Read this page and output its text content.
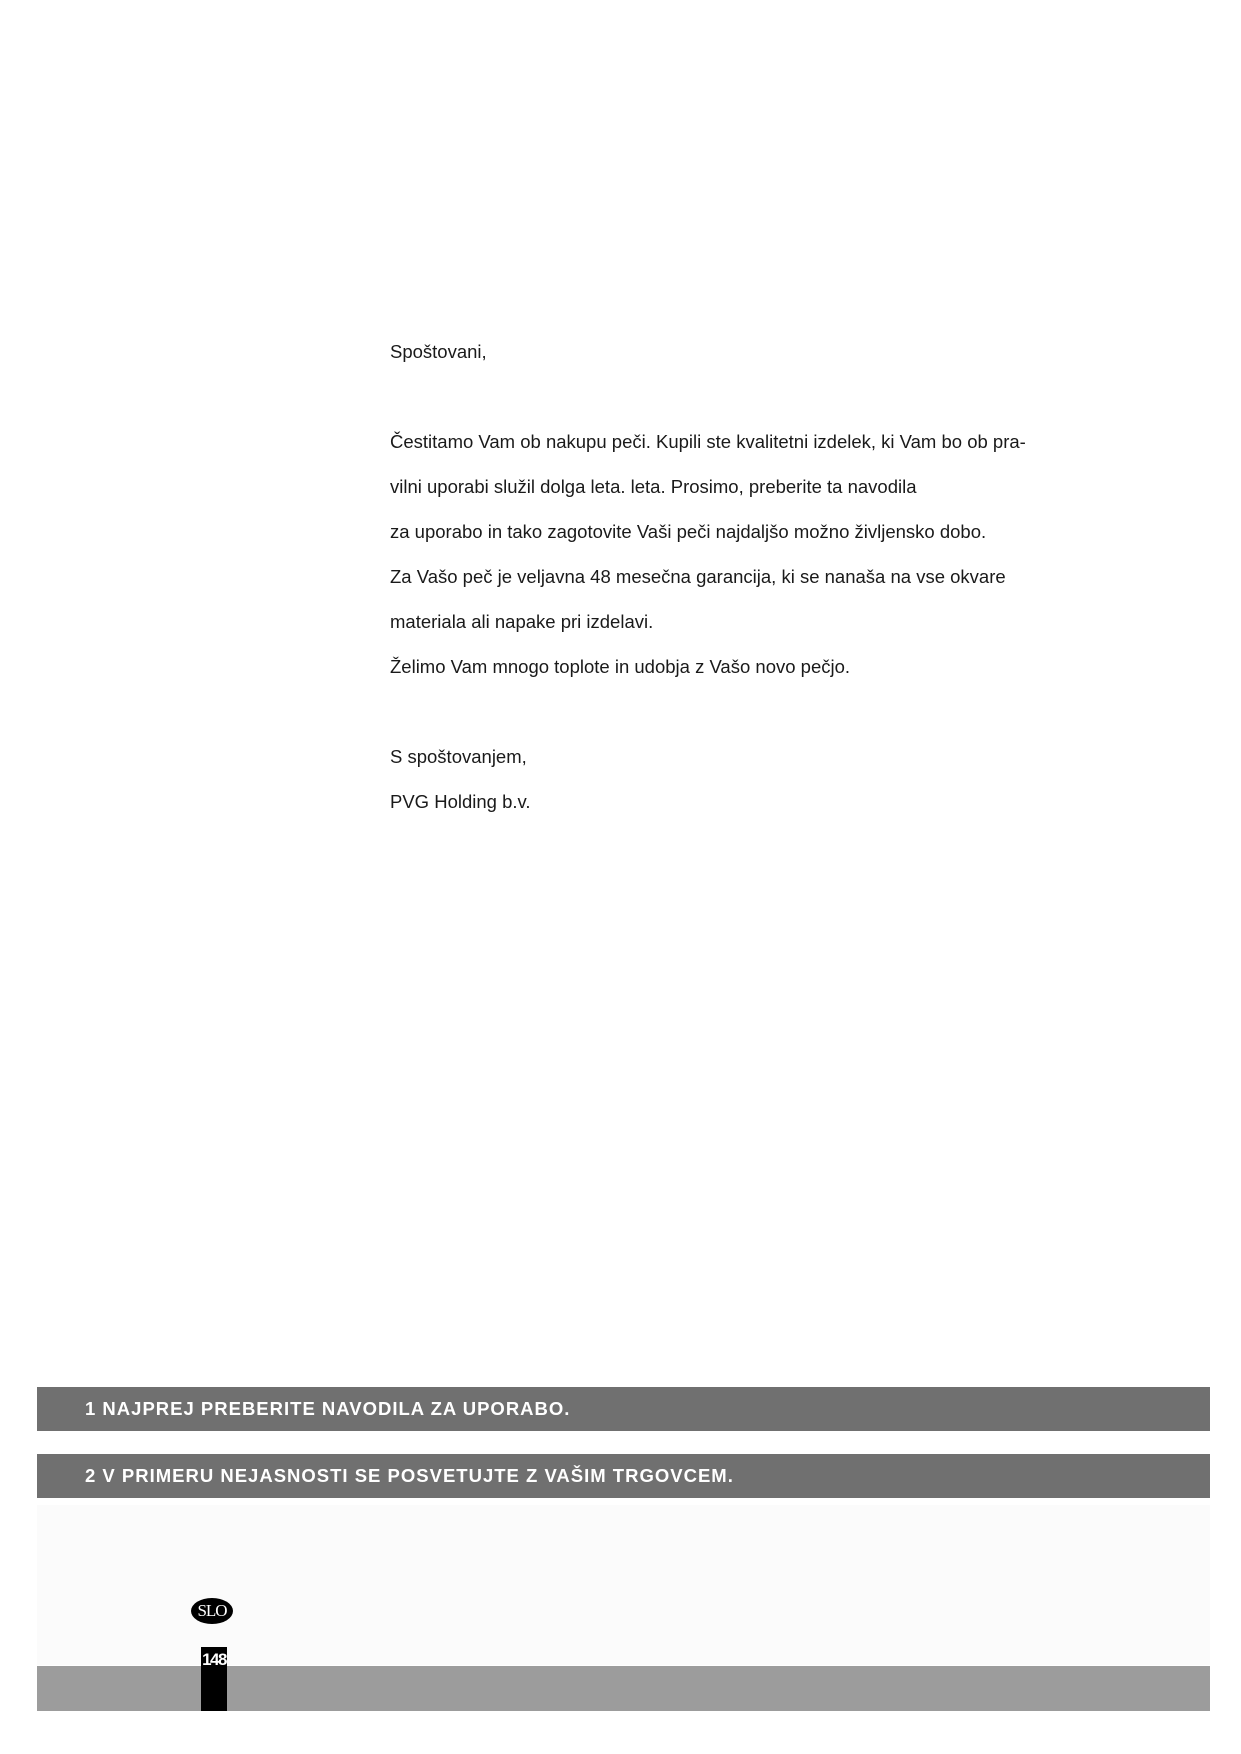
Spoštovani,
Čestitamo Vam ob nakupu peči. Kupili ste kvalitetni izdelek, ki Vam bo ob pra-
vilni uporabi služil dolga leta. leta. Prosimo, preberite ta navodila
za uporabo in tako zagotovite Vaši peči najdaljšo možno življensko dobo.
Za Vašo peč je veljavna 48 mesečna garancija, ki se nanaša na vse okvare
materiala ali napake pri izdelavi.
Želimo Vam mnogo toplote in udobja z Vašo novo pečjo.
S spoštovanjem,
PVG Holding b.v.
1 NAJPREJ PREBERITE NAVODILA ZA UPORABO.
2 V PRIMERU NEJASNOSTI SE POSVETUJTE Z VAŠIM TRGOVCEM.
SLO
148
